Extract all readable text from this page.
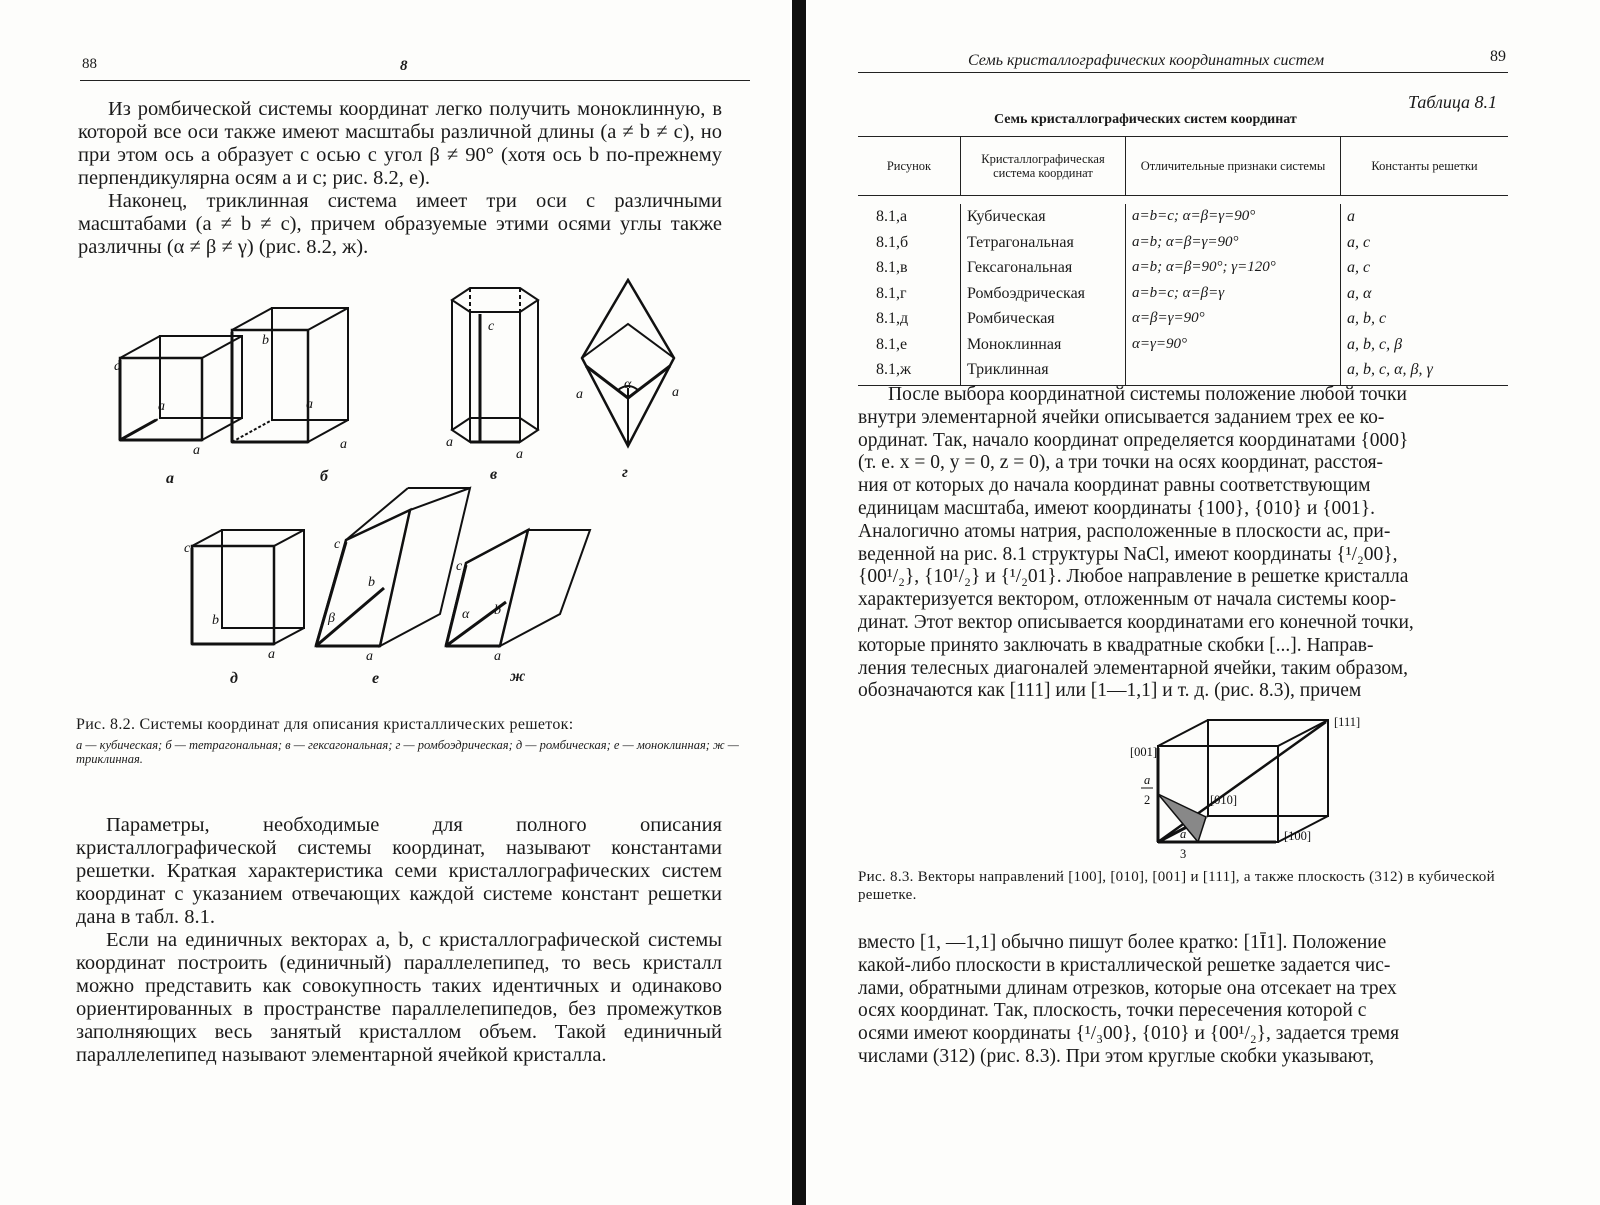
88	8

Из ромбической системы координат легко получить моноклинную, в которой все оси также имеют масштабы различной длины (a ≠ b ≠ c), но при этом ось a образует с осью c угол β ≠ 90° (хотя ось b по-прежнему перпендикулярна осям a и c; рис. 8.2, е).

Наконец, триклинная система имеет три оси с различными масштабами (a ≠ b ≠ c), причем образуемые этими осями углы также различны (α ≠ β ≠ γ) (рис. 8.2, ж).

a
a
a
b
a
a
c
a
a
a	a
α
c
b
a
c
b
β
a
c
b
α
a
а	б	в	г
д	е	ж
Рис. 8.2. Системы координат для описания кристаллических решеток:
а — кубическая; б — тетрагональная; в — гексагональная; г — ромбоэдрическая; д — ромбическая; е — моноклинная; ж — триклинная.

Параметры, необходимые для полного описания кристаллографической системы координат, называют константами решетки. Краткая характеристика семи кристаллографических систем координат с указанием отвечающих каждой системе констант решетки дана в табл. 8.1.

Если на единичных векторах a, b, c кристаллографической системы координат построить (единичный) параллелепипед, то весь кристалл можно представить как совокупность таких идентичных и одинаково ориентированных в пространстве параллелепипедов, без промежутков заполняющих весь занятый кристаллом объем. Такой единичный параллелепипед называют элементарной ячейкой кристалла.

Семь кристаллографических координатных систем	89
Таблица 8.1
Семь кристаллографических систем координат
Рисунок	Кристаллографическая система координат	Отличительные признаки системы	Константы решетки

8.1,а	Кубическая	a=b=c; α=β=γ=90°	a
8.1,б	Тетрагональная	a=b; α=β=γ=90°	a, c
8.1,в	Гексагональная	a=b; α=β=90°; γ=120°	a, c
8.1,г	Ромбоэдрическая	a=b=c; α=β=γ	a, α
8.1,д	Ромбическая	α=β=γ=90°	a, b, c
8.1,е	Моноклинная	α=γ=90°	a, b, c, β
8.1,ж	Триклинная		a, b, c, α, β, γ
После выбора координатной системы положение любой точки
внутри элементарной ячейки описывается заданием трех ее ко-
ординат. Так, начало координат определяется координатами {000}
(т. е. x = 0, y = 0, z = 0), а три точки на осях координат, расстоя-
ния от которых до начала координат равны соответствующим
единицам масштаба, имеют координаты {100}, {010} и {001}.
Аналогично атомы натрия, расположенные в плоскости ac, при-
веденной на рис. 8.1 структуры NaCl, имеют координаты {¹/₂00},
{00¹/₂}, {10¹/₂} и {¹/₂01}. Любое направление в решетке кристалла
характеризуется вектором, отложенным от начала системы коор-
динат. Этот вектор описывается координатами его конечной точки,
которые принято заключать в квадратные скобки [...]. Направ-
ления телесных диагоналей элементарной ячейки, таким образом,
обозначаются как [111] или [1—1,1] и т. д. (рис. 8.3), причем
[111]
[001]
[010]
[100]
a
2
a
3
Рис. 8.3. Векторы направлений [100], [010], [001] и [111], а также плоскость (312) в кубической решетке.
вместо [1, —1,1] обычно пишут более кратко: [1Ī1]. Положение
какой-либо плоскости в кристаллической решетке задается чис-
лами, обратными длинам отрезков, которые она отсекает на трех
осях координат. Так, плоскость, точки пересечения которой с
осями имеют координаты {¹/₃00}, {010} и {00¹/₂}, задается тремя
числами (312) (рис. 8.3). При этом круглые скобки указывают,
